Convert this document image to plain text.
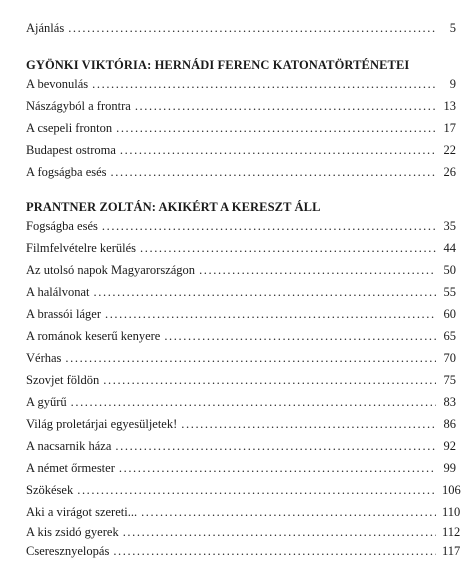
Ajánlás .....	5
GYÖNKI VIKTÓRIA: HERNÁDI FERENC KATONATÖRTÉNETEI
A bevonulás .....	9
Nászágyból a frontra .....	13
A csepeli fronton .....	17
Budapest ostroma .....	22
A fogságba esés .....	26
PRANTNER ZOLTÁN: AKIKÉRT A KERESZT ÁLL
Fogságba esés .....	35
Filmfelvételre kerülés .....	44
Az utolsó napok Magyarországon .....	50
A halálvonat .....	55
A brassói láger .....	60
A románok keserű kenyere .....	65
Vérhas .....	70
Szovjet földön .....	75
A gyűrű .....	83
Világ proletárjai egyesüljetek! .....	86
A nacsarnik háza .....	92
A német őrmester .....	99
Szökések .....	106
Aki a virágot szereti... .....	110
A kis zsidó gyerek .....	112
Cseresznyelopás .....	117
